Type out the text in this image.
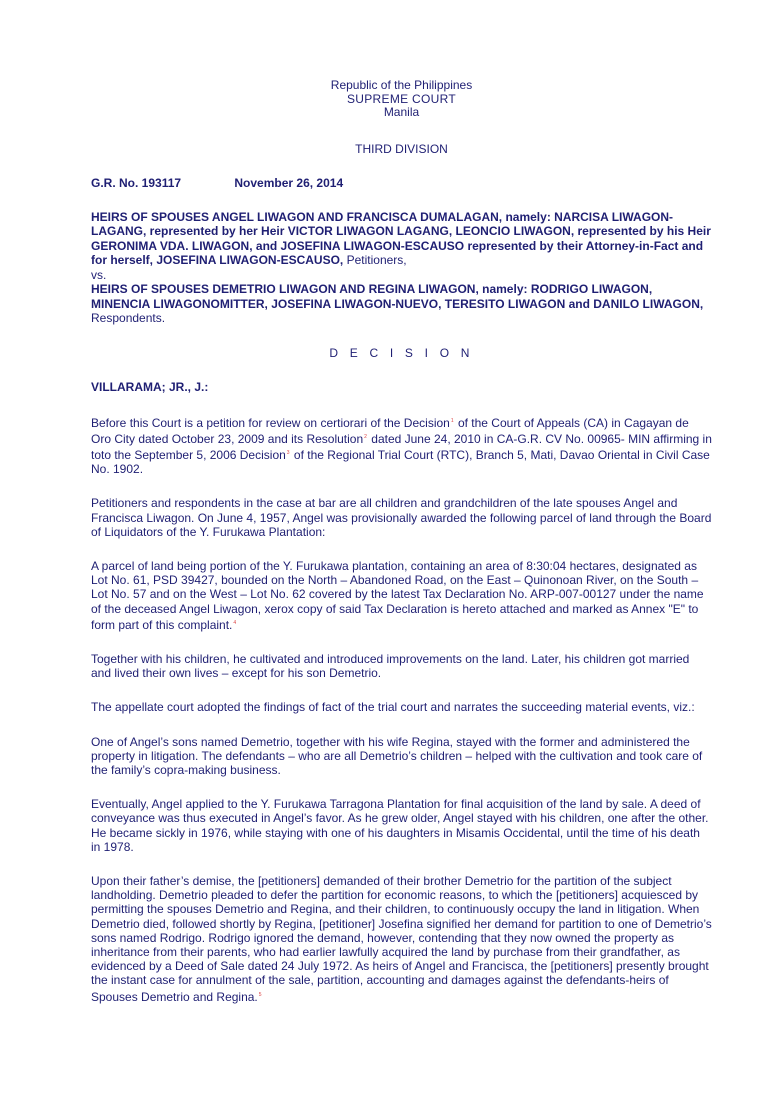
Republic of the Philippines
SUPREME COURT
Manila
THIRD DIVISION
G.R. No. 193117	November 26, 2014
HEIRS OF SPOUSES ANGEL LIWAGON AND FRANCISCA DUMALAGAN, namely: NARCISA LIWAGON-LAGANG, represented by her Heir VICTOR LIWAGON LAGANG, LEONCIO LIWAGON, represented by his Heir GERONIMA VDA. LIWAGON, and JOSEFINA LIWAGON-ESCAUSO represented by their Attorney-in-Fact and for herself, JOSEFINA LIWAGON-ESCAUSO, Petitioners,
vs.
HEIRS OF SPOUSES DEMETRIO LIWAGON AND REGINA LIWAGON, namely: RODRIGO LIWAGON, MINENCIA LIWAGONOMITTER, JOSEFINA LIWAGON-NUEVO, TERESITO LIWAGON and DANILO LIWAGON, Respondents.
D E C I S I O N
VILLARAMA; JR., J.:

Before this Court is a petition for review on certiorari of the Decision$^1$ of the Court of Appeals (CA) in Cagayan de Oro City dated October 23, 2009 and its Resolution$^2$ dated June 24, 2010 in CA-G.R. CV No. 00965- MIN affirming in toto the September 5, 2006 Decision$^3$ of the Regional Trial Court (RTC), Branch 5, Mati, Davao Oriental in Civil Case No. 1902.

Petitioners and respondents in the case at bar are all children and grandchildren of the late spouses Angel and Francisca Liwagon. On June 4, 1957, Angel was provisionally awarded the following parcel of land through the Board of Liquidators of the Y. Furukawa Plantation:

A parcel of land being portion of the Y. Furukawa plantation, containing an area of 8:30:04 hectares, designated as Lot No. 61, PSD 39427, bounded on the North – Abandoned Road, on the East – Quinonoan River, on the South – Lot No. 57 and on the West – Lot No. 62 covered by the latest Tax Declaration No. ARP-007-00127 under the name of the deceased Angel Liwagon, xerox copy of said Tax Declaration is hereto attached and marked as Annex "E" to form part of this complaint.$^4$

Together with his children, he cultivated and introduced improvements on the land. Later, his children got married and lived their own lives – except for his son Demetrio.

The appellate court adopted the findings of fact of the trial court and narrates the succeeding material events, viz.:

One of Angel’s sons named Demetrio, together with his wife Regina, stayed with the former and administered the property in litigation. The defendants – who are all Demetrio’s children – helped with the cultivation and took care of the family’s copra-making business.

Eventually, Angel applied to the Y. Furukawa Tarragona Plantation for final acquisition of the land by sale. A deed of conveyance was thus executed in Angel’s favor. As he grew older, Angel stayed with his children, one after the other. He became sickly in 1976, while staying with one of his daughters in Misamis Occidental, until the time of his death in 1978.

Upon their father’s demise, the [petitioners] demanded of their brother Demetrio for the partition of the subject landholding. Demetrio pleaded to defer the partition for economic reasons, to which the [petitioners] acquiesced by permitting the spouses Demetrio and Regina, and their children, to continuously occupy the land in litigation. When Demetrio died, followed shortly by Regina, [petitioner] Josefina signified her demand for partition to one of Demetrio’s sons named Rodrigo. Rodrigo ignored the demand, however, contending that they now owned the property as inheritance from their parents, who had earlier lawfully acquired the land by purchase from their grandfather, as evidenced by a Deed of Sale dated 24 July 1972. As heirs of Angel and Francisca, the [petitioners] presently brought the instant case for annulment of the sale, partition, accounting and damages against the defendants-heirs of Spouses Demetrio and Regina.$^5$
